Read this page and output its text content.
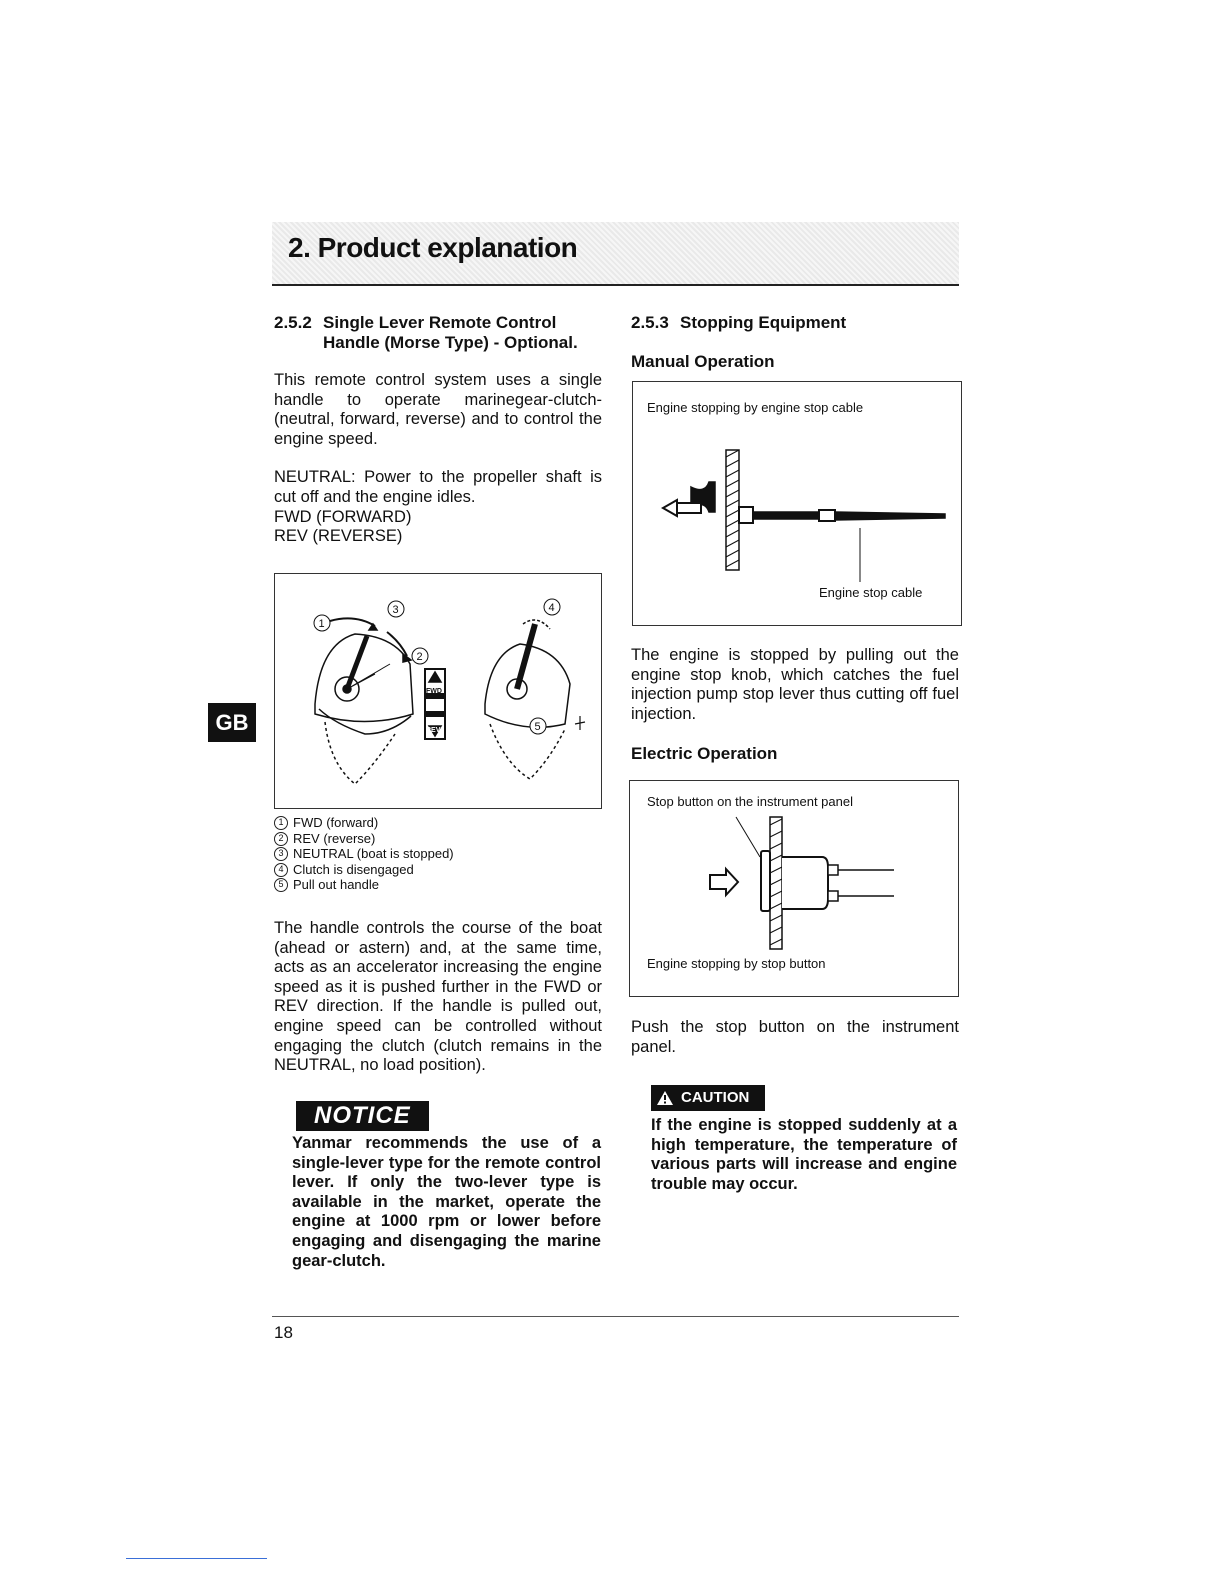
2. Product explanation
GB
2.5.2 Single Lever Remote Control
Handle (Morse Type) - Optional.

This remote control system uses a single handle to operate marinegear-clutch-(neutral, forward, reverse) and to control the engine speed.

NEUTRAL: Power to the propeller shaft is cut off and the engine idles.

FWD (FORWARD)
REV (REVERSE)
FWD
REV
1
3
2
4
5
1 FWD (forward)
2 REV (reverse)
3 NEUTRAL (boat is stopped)
4 Clutch is disengaged
5 Pull out handle
The handle controls the course of the boat (ahead or astern) and, at the same time, acts as an accelerator increasing the engine speed as it is pushed further in the FWD or REV direction. If the handle is pulled out, engine speed can be controlled without engaging the clutch (clutch remains in the NEUTRAL, no load position).
NOTICE
Yanmar recommends the use of a single-lever type for the remote control lever. If only the two-lever type is available in the market, operate the engine at 1000 rpm or lower before engaging and disengaging the marine gear-clutch.
2.5.3 Stopping Equipment
Manual Operation
Engine stopping by engine stop cable
Engine stop cable
The engine is stopped by pulling out the engine stop knob, which catches the fuel injection pump stop lever thus cutting off fuel injection.
Electric Operation
Stop button on the instrument panel
Engine stopping by stop button
Push the stop button on the instrument panel.
CAUTION
If the engine is stopped suddenly at a high temperature, the temperature of various parts will increase and engine trouble may occur.
18
